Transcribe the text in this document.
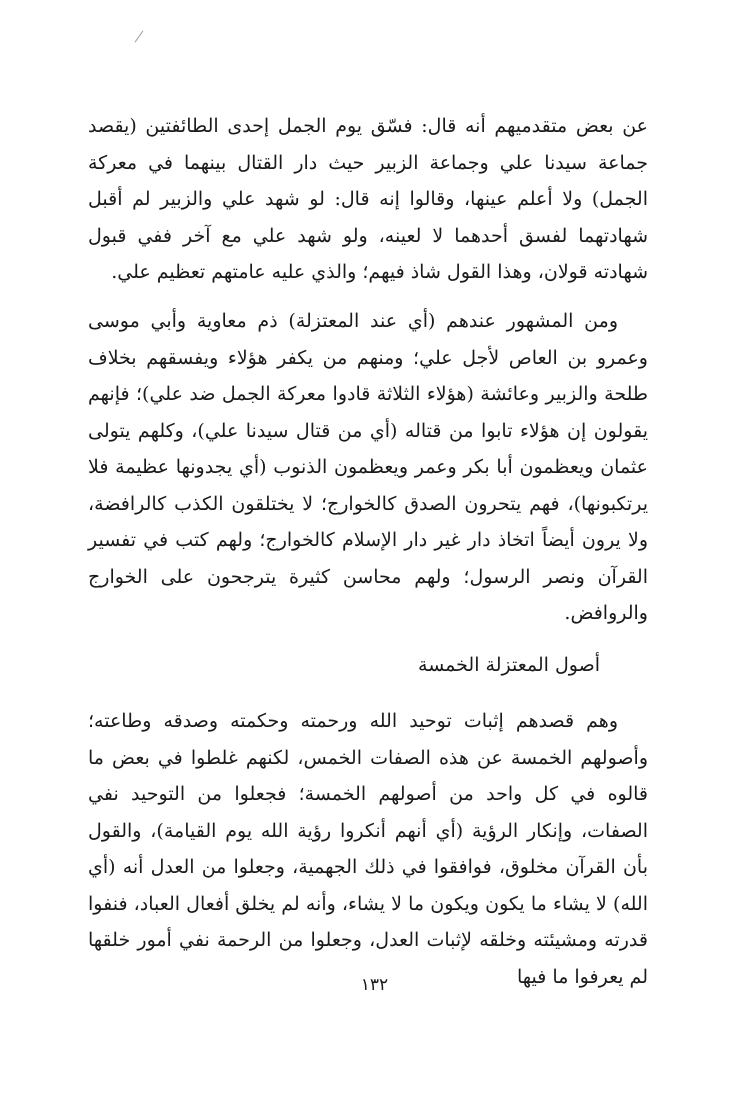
عن بعض متقدميهم أنه قال: فسّق يوم الجمل إحدى الطائفتين (يقصد جماعة سيدنا علي وجماعة الزبير حيث دار القتال بينهما في معركة الجمل) ولا أعلم عينها، وقالوا إنه قال: لو شهد علي والزبير لم أقبل شهادتهما لفسق أحدهما لا لعينه، ولو شهد علي مع آخر ففي قبول شهادته قولان، وهذا القول شاذ فيهم؛ والذي عليه عامتهم تعظيم علي.
ومن المشهور عندهم (أي عند المعتزلة) ذم معاوية وأبي موسى وعمرو بن العاص لأجل علي؛ ومنهم من يكفر هؤلاء ويفسقهم بخلاف طلحة والزبير وعائشة (هؤلاء الثلاثة قادوا معركة الجمل ضد علي)؛ فإنهم يقولون إن هؤلاء تابوا من قتاله (أي من قتال سيدنا علي)، وكلهم يتولى عثمان ويعظمون أبا بكر وعمر ويعظمون الذنوب (أي يجدونها عظيمة فلا يرتكبونها)، فهم يتحرون الصدق كالخوارج؛ لا يختلقون الكذب كالرافضة، ولا يرون أيضاً اتخاذ دار غير دار الإسلام كالخوارج؛ ولهم كتب في تفسير القرآن ونصر الرسول؛ ولهم محاسن كثيرة يترجحون على الخوارج والروافض.
أصول المعتزلة الخمسة
وهم قصدهم إثبات توحيد الله ورحمته وحكمته وصدقه وطاعته؛ وأصولهم الخمسة عن هذه الصفات الخمس، لكنهم غلطوا في بعض ما قالوه في كل واحد من أصولهم الخمسة؛ فجعلوا من التوحيد نفي الصفات، وإنكار الرؤية (أي أنهم أنكروا رؤية الله يوم القيامة)، والقول بأن القرآن مخلوق، فوافقوا في ذلك الجهمية، وجعلوا من العدل أنه (أي الله) لا يشاء ما يكون ويكون ما لا يشاء، وأنه لم يخلق أفعال العباد، فنفوا قدرته ومشيئته وخلقه لإثبات العدل، وجعلوا من الرحمة نفي أمور خلقها لم يعرفوا ما فيها
١٣٢
